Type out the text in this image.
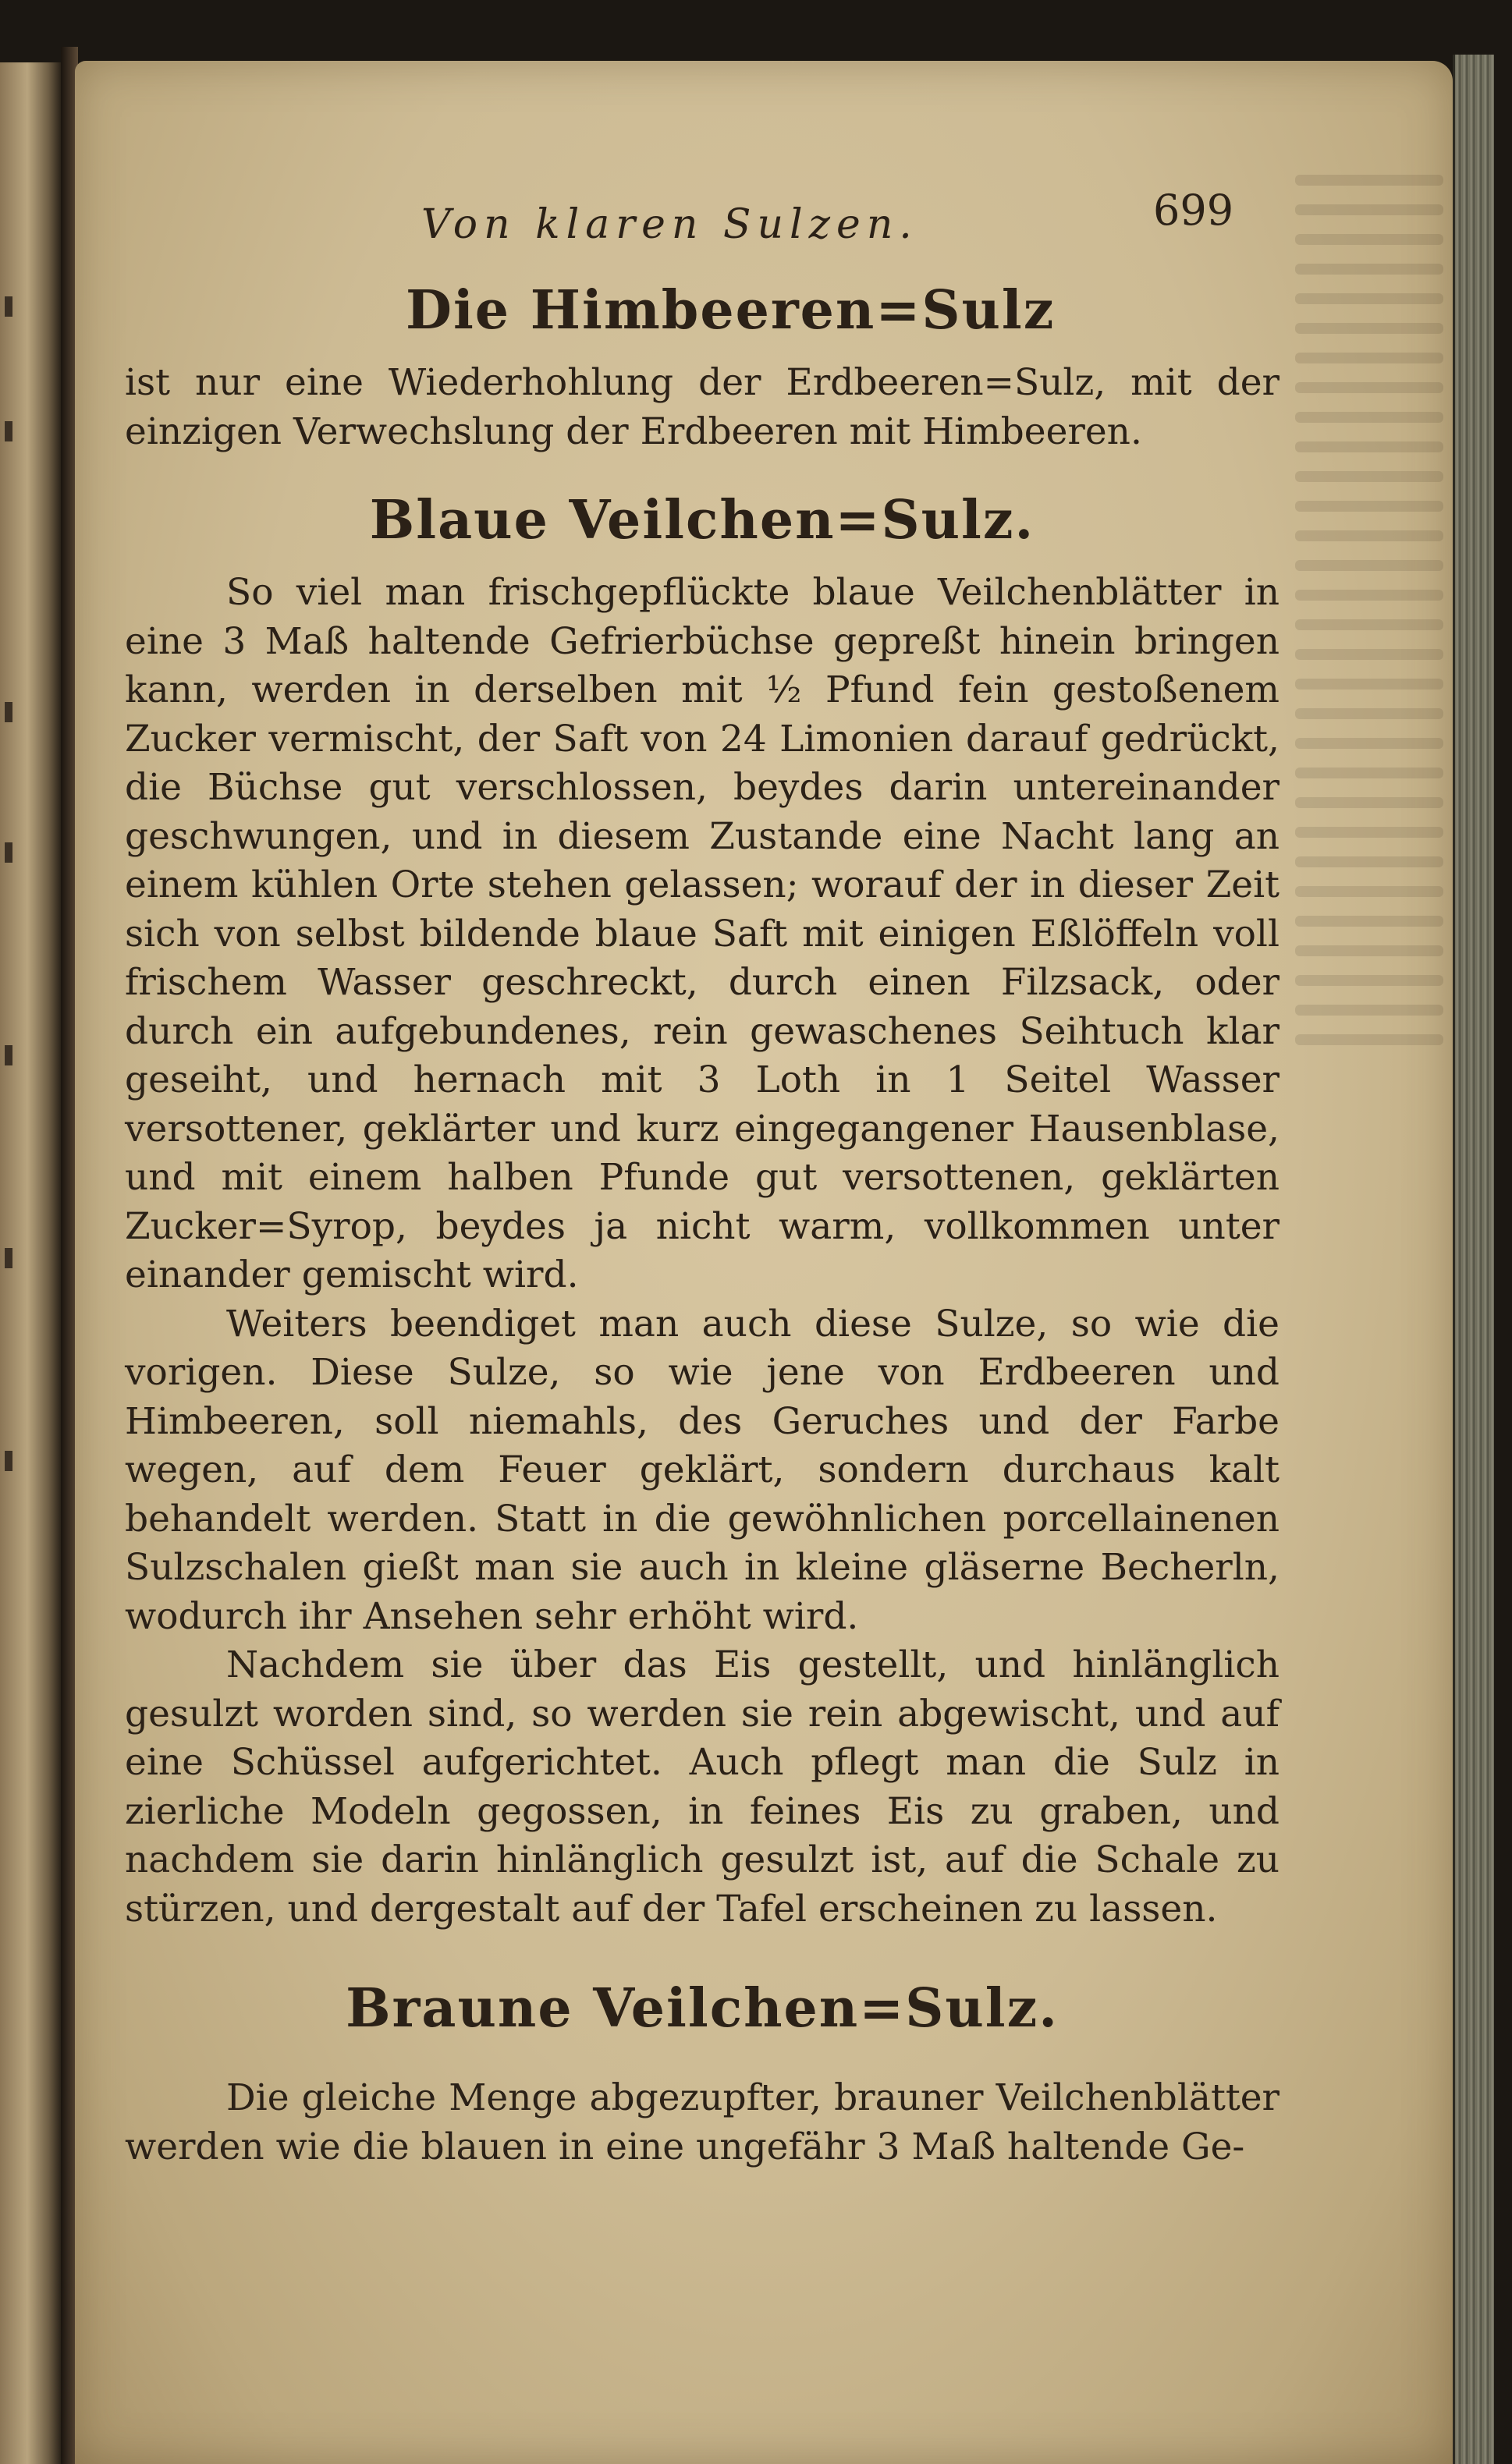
Von klaren Sulzen.	699
Die Himbeeren=Sulz

ist nur eine Wiederhohlung der Erdbeeren=Sulz, mit der einzigen Verwechslung der Erdbeeren mit Himbeeren.

Blaue Veilchen=Sulz.

So viel man frischgepflückte blaue Veilchenblätter in eine 3 Maß haltende Gefrierbüchse gepreßt hinein bringen kann, werden in derselben mit ½ Pfund fein gestoßenem Zucker vermischt, der Saft von 24 Limonien darauf gedrückt, die Büchse gut verschlossen, beydes darin untereinander geschwungen, und in diesem Zustande eine Nacht lang an einem kühlen Orte stehen gelassen; worauf der in dieser Zeit sich von selbst bildende blaue Saft mit einigen Eßlöffeln voll frischem Wasser geschreckt, durch einen Filzsack, oder durch ein aufgebundenes, rein gewaschenes Seihtuch klar geseiht, und hernach mit 3 Loth in 1 Seitel Wasser versottener, geklärter und kurz eingegangener Hausenblase, und mit einem halben Pfunde gut versottenen, geklärten Zucker=Syrop, beydes ja nicht warm, vollkommen unter einander gemischt wird.

Weiters beendiget man auch diese Sulze, so wie die vorigen. Diese Sulze, so wie jene von Erdbeeren und Himbeeren, soll niemahls, des Geruches und der Farbe wegen, auf dem Feuer geklärt, sondern durchaus kalt behandelt werden. Statt in die gewöhnlichen porcellainenen Sulzschalen gießt man sie auch in kleine gläserne Becherln, wodurch ihr Ansehen sehr erhöht wird.

Nachdem sie über das Eis gestellt, und hinlänglich gesulzt worden sind, so werden sie rein abgewischt, und auf eine Schüssel aufgerichtet. Auch pflegt man die Sulz in zierliche Modeln gegossen, in feines Eis zu graben, und nachdem sie darin hinlänglich gesulzt ist, auf die Schale zu stürzen, und dergestalt auf der Tafel erscheinen zu lassen.

Braune Veilchen=Sulz.

Die gleiche Menge abgezupfter, brauner Veilchenblätter werden wie die blauen in eine ungefähr 3 Maß haltende Ge-
